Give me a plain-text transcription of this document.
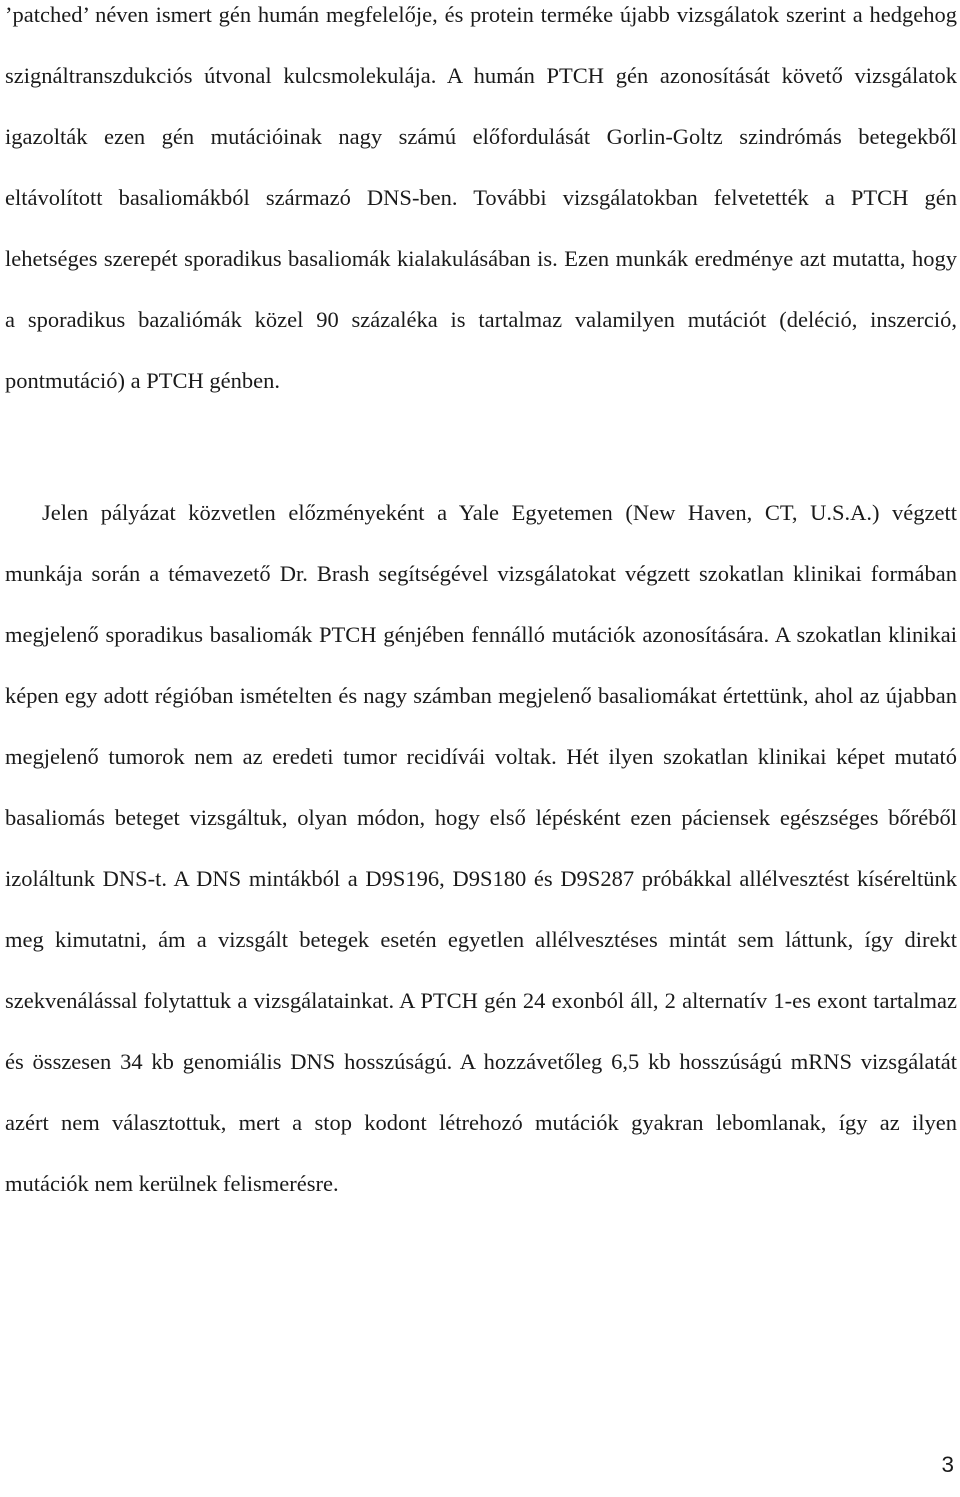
’patched’ néven ismert gén humán megfelelője, és protein terméke újabb vizsgálatok szerint a hedgehog szignáltranszdukciós útvonal kulcsmolekulája. A humán PTCH gén azonosítását követő vizsgálatok igazolták ezen gén mutációinak nagy számú előfordulását Gorlin-Goltz szindrómás betegekből eltávolított basaliomákból származó DNS-ben. További vizsgálatokban felvetették a PTCH gén lehetséges szerepét sporadikus basaliomák kialakulásában is. Ezen munkák eredménye azt mutatta, hogy a sporadikus bazaliómák közel 90 százaléka is tartalmaz valamilyen mutációt (deléció, inszerció, pontmutáció) a PTCH génben.

Jelen pályázat közvetlen előzményeként a Yale Egyetemen (New Haven, CT, U.S.A.) végzett munkája során a témavezető Dr. Brash segítségével vizsgálatokat végzett szokatlan klinikai formában megjelenő sporadikus basaliomák PTCH génjében fennálló mutációk azonosítására. A szokatlan klinikai képen egy adott régióban ismételten és nagy számban megjelenő basaliomákat értettünk, ahol az újabban megjelenő tumorok nem az eredeti tumor recidívái voltak. Hét ilyen szokatlan klinikai képet mutató basaliomás beteget vizsgáltuk, olyan módon, hogy első lépésként ezen páciensek egészséges bőréből izoláltunk DNS-t. A DNS mintákból a D9S196, D9S180 és D9S287 próbákkal allélvesztést kíséreltünk meg kimutatni, ám a vizsgált betegek esetén egyetlen allélvesztéses mintát sem láttunk, így direkt szekvenálással folytattuk a vizsgálatainkat. A PTCH gén 24 exonból áll, 2 alternatív 1-es exont tartalmaz és összesen 34 kb genomiális DNS hosszúságú. A hozzávetőleg 6,5 kb hosszúságú mRNS vizsgálatát azért nem választottuk, mert a stop kodont létrehozó mutációk gyakran lebomlanak, így az ilyen mutációk nem kerülnek felismerésre.

3
